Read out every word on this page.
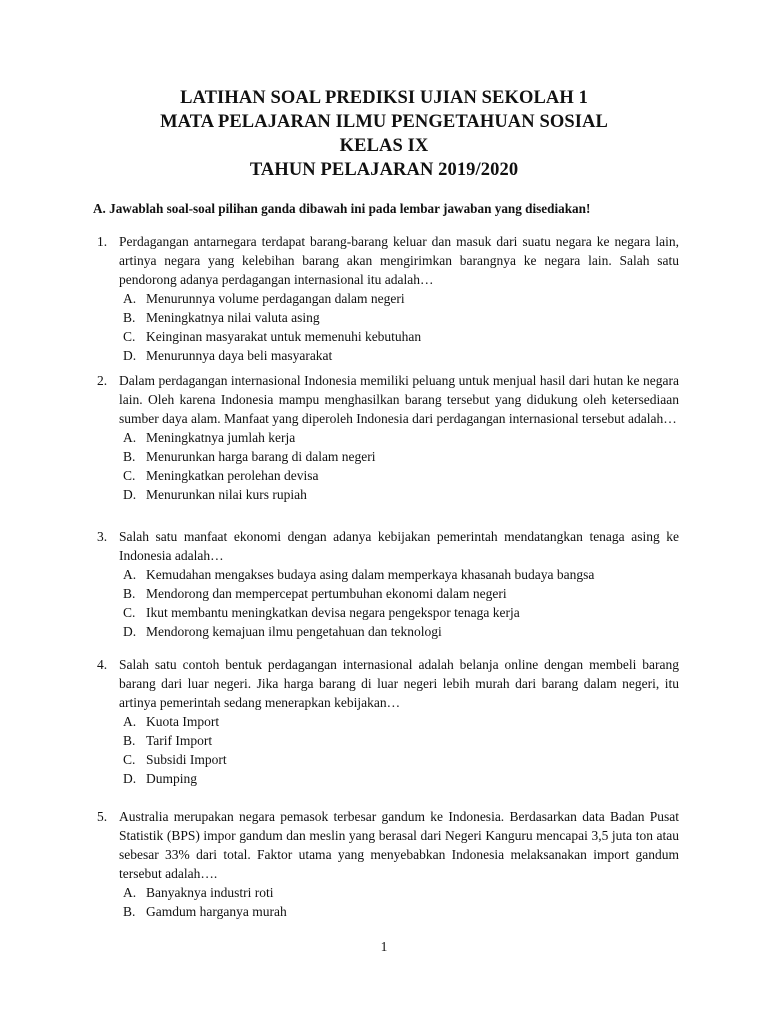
LATIHAN SOAL PREDIKSI UJIAN SEKOLAH 1
MATA PELAJARAN ILMU PENGETAHUAN SOSIAL
KELAS IX
TAHUN PELAJARAN 2019/2020
A. Jawablah soal-soal pilihan ganda dibawah ini pada lembar jawaban yang disediakan!
1. Perdagangan antarnegara terdapat barang-barang keluar dan masuk dari suatu negara ke negara lain, artinya negara yang kelebihan barang akan mengirimkan barangnya ke negara lain. Salah satu pendorong adanya perdagangan internasional itu adalah…
A. Menurunnya volume perdagangan dalam negeri
B. Meningkatnya nilai valuta asing
C. Keinginan masyarakat untuk memenuhi kebutuhan
D. Menurunnya daya beli masyarakat
2. Dalam perdagangan internasional Indonesia memiliki peluang untuk menjual hasil dari hutan ke negara lain. Oleh karena Indonesia mampu menghasilkan barang tersebut yang didukung oleh ketersediaan sumber daya alam. Manfaat yang diperoleh Indonesia dari perdagangan internasional tersebut adalah…
A. Meningkatnya jumlah kerja
B. Menurunkan harga barang di dalam negeri
C. Meningkatkan perolehan devisa
D. Menurunkan nilai kurs rupiah
3. Salah satu manfaat ekonomi dengan adanya kebijakan pemerintah mendatangkan tenaga asing ke Indonesia adalah…
A. Kemudahan mengakses budaya asing dalam memperkaya khasanah budaya bangsa
B. Mendorong dan mempercepat pertumbuhan ekonomi dalam negeri
C. Ikut membantu meningkatkan devisa negara pengekspor tenaga kerja
D. Mendorong kemajuan ilmu pengetahuan dan teknologi
4. Salah satu contoh bentuk perdagangan internasional adalah belanja online dengan membeli barang barang dari luar negeri. Jika harga barang di luar negeri lebih murah dari barang dalam negeri, itu artinya pemerintah sedang menerapkan kebijakan…
A. Kuota Import
B. Tarif Import
C. Subsidi Import
D. Dumping
5. Australia merupakan negara pemasok terbesar gandum ke Indonesia. Berdasarkan data Badan Pusat Statistik (BPS) impor gandum dan meslin yang berasal dari Negeri Kanguru mencapai 3,5 juta ton atau sebesar 33% dari total. Faktor utama yang menyebabkan Indonesia melaksanakan import gandum tersebut adalah….
A. Banyaknya industri roti
B. Gamdum harganya murah
1
